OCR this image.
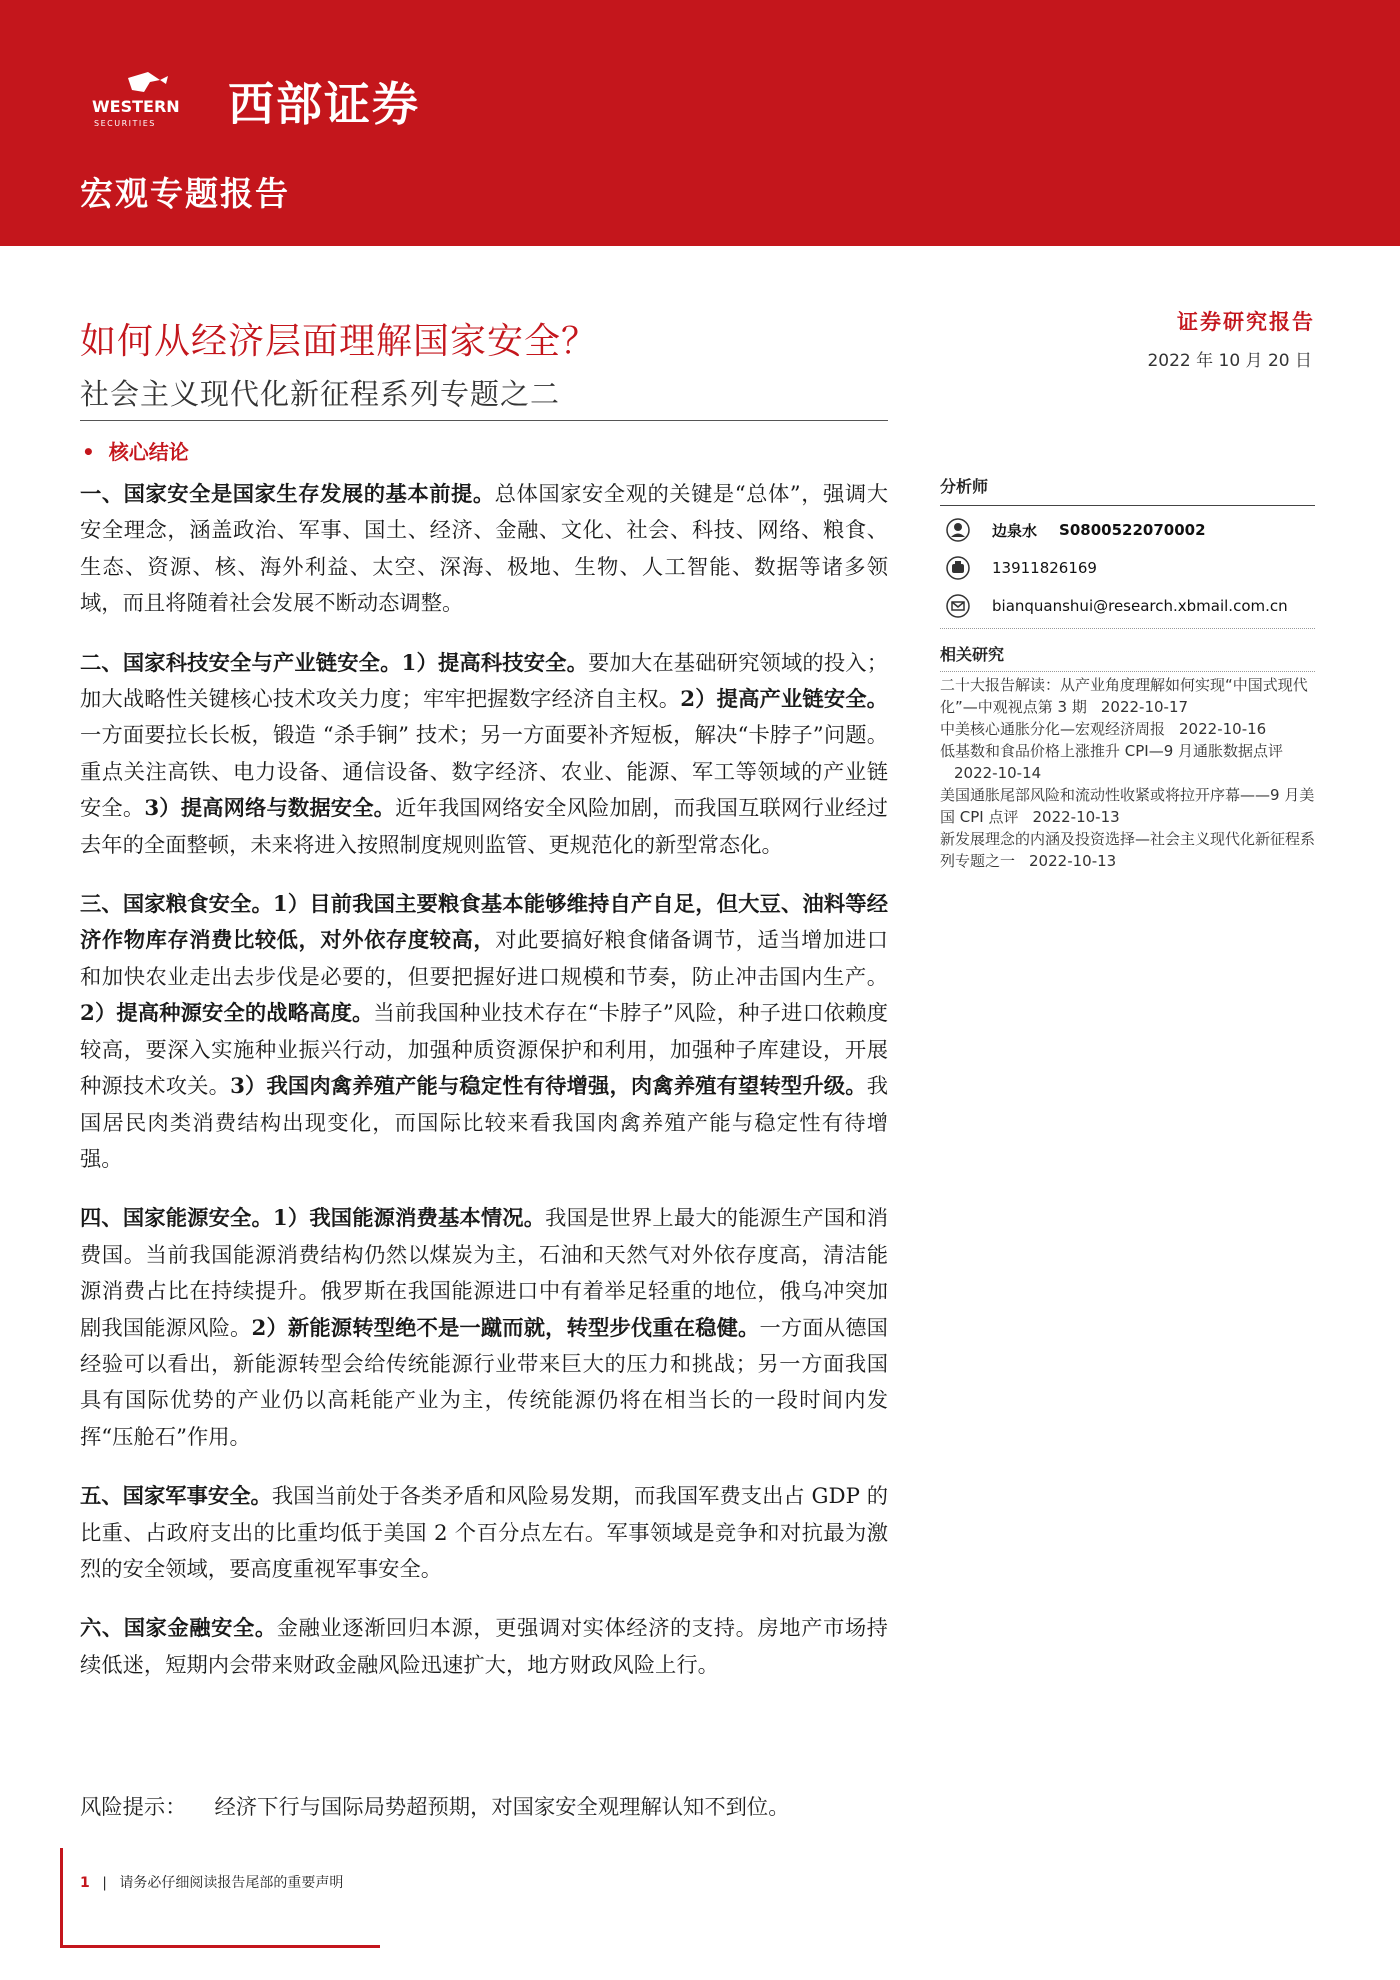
WESTERN
SECURITIES 西部证券
宏观专题报告
如何从经济层面理解国家安全？
社会主义现代化新征程系列专题之二
• 核心结论
证券研究报告
2022 年 10 月 20 日

一、国家安全是国家生存发展的基本前提。总体国家安全观的关键是“总体”，强调大安全理念，涵盖政治、军事、国土、经济、金融、文化、社会、科技、网络、粮食、生态、资源、核、海外利益、太空、深海、极地、生物、人工智能、数据等诸多领域，而且将随着社会发展不断动态调整。

二、国家科技安全与产业链安全。1）提高科技安全。要加大在基础研究领域的投入；加大战略性关键核心技术攻关力度；牢牢把握数字经济自主权。2）提高产业链安全。一方面要拉长长板，锻造 “杀手锏” 技术；另一方面要补齐短板，解决“卡脖子”问题。重点关注高铁、电力设备、通信设备、数字经济、农业、能源、军工等领域的产业链安全。3）提高网络与数据安全。近年我国网络安全风险加剧，而我国互联网行业经过去年的全面整顿，未来将进入按照制度规则监管、更规范化的新型常态化。

三、国家粮食安全。1）目前我国主要粮食基本能够维持自产自足，但大豆、油料等经济作物库存消费比较低，对外依存度较高，对此要搞好粮食储备调节，适当增加进口和加快农业走出去步伐是必要的，但要把握好进口规模和节奏，防止冲击国内生产。2）提高种源安全的战略高度。当前我国种业技术存在“卡脖子”风险，种子进口依赖度较高，要深入实施种业振兴行动，加强种质资源保护和利用，加强种子库建设，开展种源技术攻关。3）我国肉禽养殖产能与稳定性有待增强，肉禽养殖有望转型升级。我国居民肉类消费结构出现变化，而国际比较来看我国肉禽养殖产能与稳定性有待增强。

四、国家能源安全。1）我国能源消费基本情况。我国是世界上最大的能源生产国和消费国。当前我国能源消费结构仍然以煤炭为主，石油和天然气对外依存度高，清洁能源消费占比在持续提升。俄罗斯在我国能源进口中有着举足轻重的地位，俄乌冲突加剧我国能源风险。2）新能源转型绝不是一蹴而就，转型步伐重在稳健。一方面从德国经验可以看出，新能源转型会给传统能源行业带来巨大的压力和挑战；另一方面我国具有国际优势的产业仍以高耗能产业为主，传统能源仍将在相当长的一段时间内发挥“压舱石”作用。

五、国家军事安全。我国当前处于各类矛盾和风险易发期，而我国军费支出占 GDP 的比重、占政府支出的比重均低于美国 2 个百分点左右。军事领域是竞争和对抗最为激烈的安全领域，要高度重视军事安全。

六、国家金融安全。金融业逐渐回归本源，更强调对实体经济的支持。房地产市场持续低迷，短期内会带来财政金融风险迅速扩大，地方财政风险上行。

分析师
边泉水 S0800522070002
13911826169
bianquanshui@research.xbmail.com.cn
相关研究
二十大报告解读：从产业角度理解如何实现“中国式现代化”—中观视点第 3 期 2022-10-17
中美核心通胀分化—宏观经济周报 2022-10-16
低基数和食品价格上涨推升 CPI—9 月通胀数据点评2022-10-14
美国通胀尾部风险和流动性收紧或将拉开序幕——9 月美国 CPI 点评 2022-10-13
新发展理念的内涵及投资选择—社会主义现代化新征程系列专题之一 2022-10-13
风险提示： 经济下行与国际局势超预期，对国家安全观理解认知不到位。
1 | 请务必仔细阅读报告尾部的重要声明
